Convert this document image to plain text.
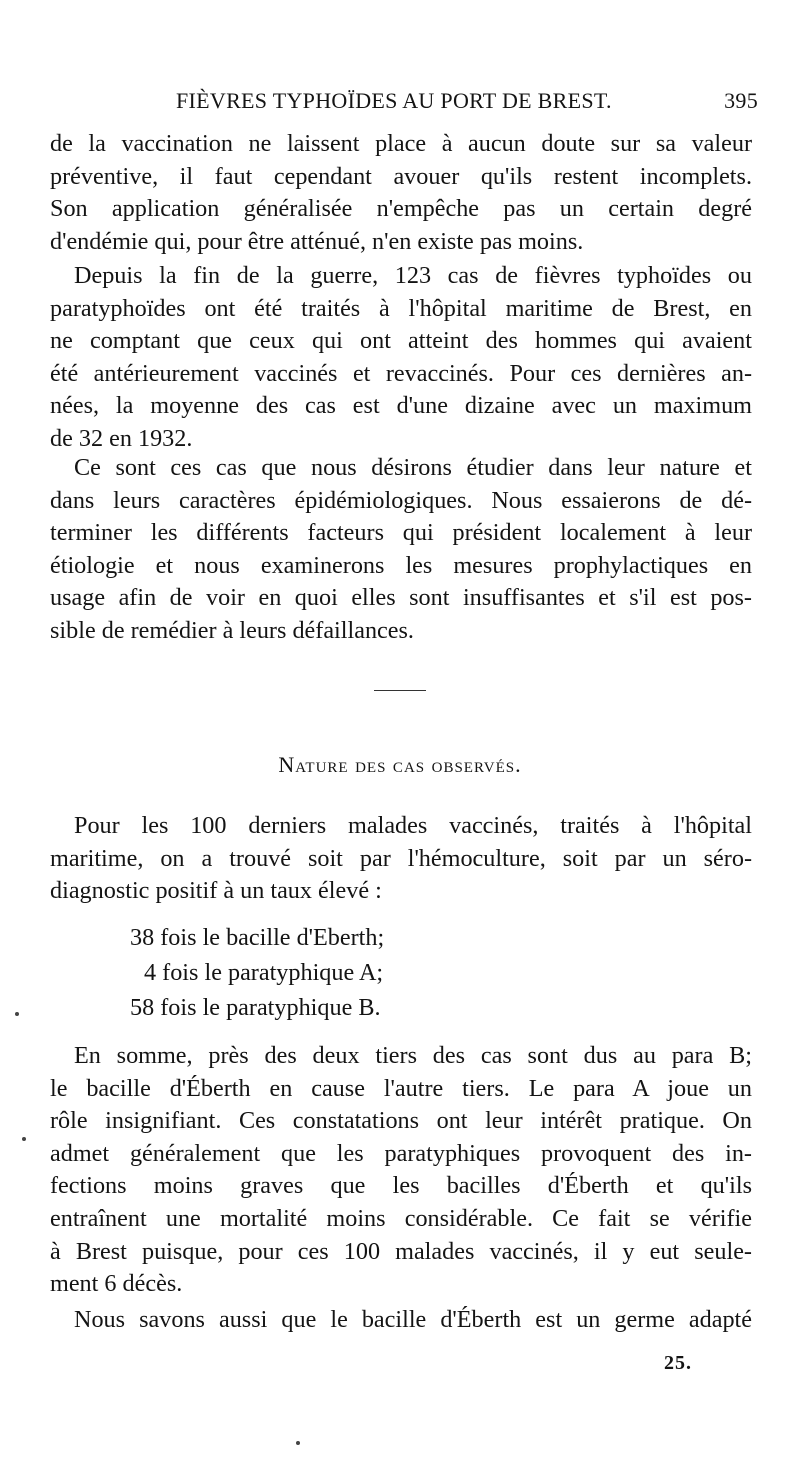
FIÈVRES TYPHOÏDES AU PORT DE BREST.	395
de la vaccination ne laissent place à aucun doute sur sa valeur
préventive, il faut cependant avouer qu'ils restent incomplets.
Son application généralisée n'empêche pas un certain degré
d'endémie qui, pour être atténué, n'en existe pas moins.
Depuis la fin de la guerre, 123 cas de fièvres typhoïdes ou
paratyphoïdes ont été traités à l'hôpital maritime de Brest, en
ne comptant que ceux qui ont atteint des hommes qui avaient
été antérieurement vaccinés et revaccinés. Pour ces dernières an-
nées, la moyenne des cas est d'une dizaine avec un maximum
de 32 en 1932.
Ce sont ces cas que nous désirons étudier dans leur nature et
dans leurs caractères épidémiologiques. Nous essaierons de dé-
terminer les différents facteurs qui président localement à leur
étiologie et nous examinerons les mesures prophylactiques en
usage afin de voir en quoi elles sont insuffisantes et s'il est pos-
sible de remédier à leurs défaillances.
Nature des cas observés.
Pour les 100 derniers malades vaccinés, traités à l'hôpital
maritime, on a trouvé soit par l'hémoculture, soit par un séro-
diagnostic positif à un taux élevé :
38 fois le bacille d'Eberth;
4 fois le paratyphique A;
58 fois le paratyphique B.
En somme, près des deux tiers des cas sont dus au para B;
le bacille d'Éberth en cause l'autre tiers. Le para A joue un
rôle insignifiant. Ces constatations ont leur intérêt pratique. On
admet généralement que les paratyphiques provoquent des in-
fections moins graves que les bacilles d'Éberth et qu'ils
entraînent une mortalité moins considérable. Ce fait se vérifie
à Brest puisque, pour ces 100 malades vaccinés, il y eut seule-
ment 6 décès.
Nous savons aussi que le bacille d'Éberth est un germe adapté
25.
